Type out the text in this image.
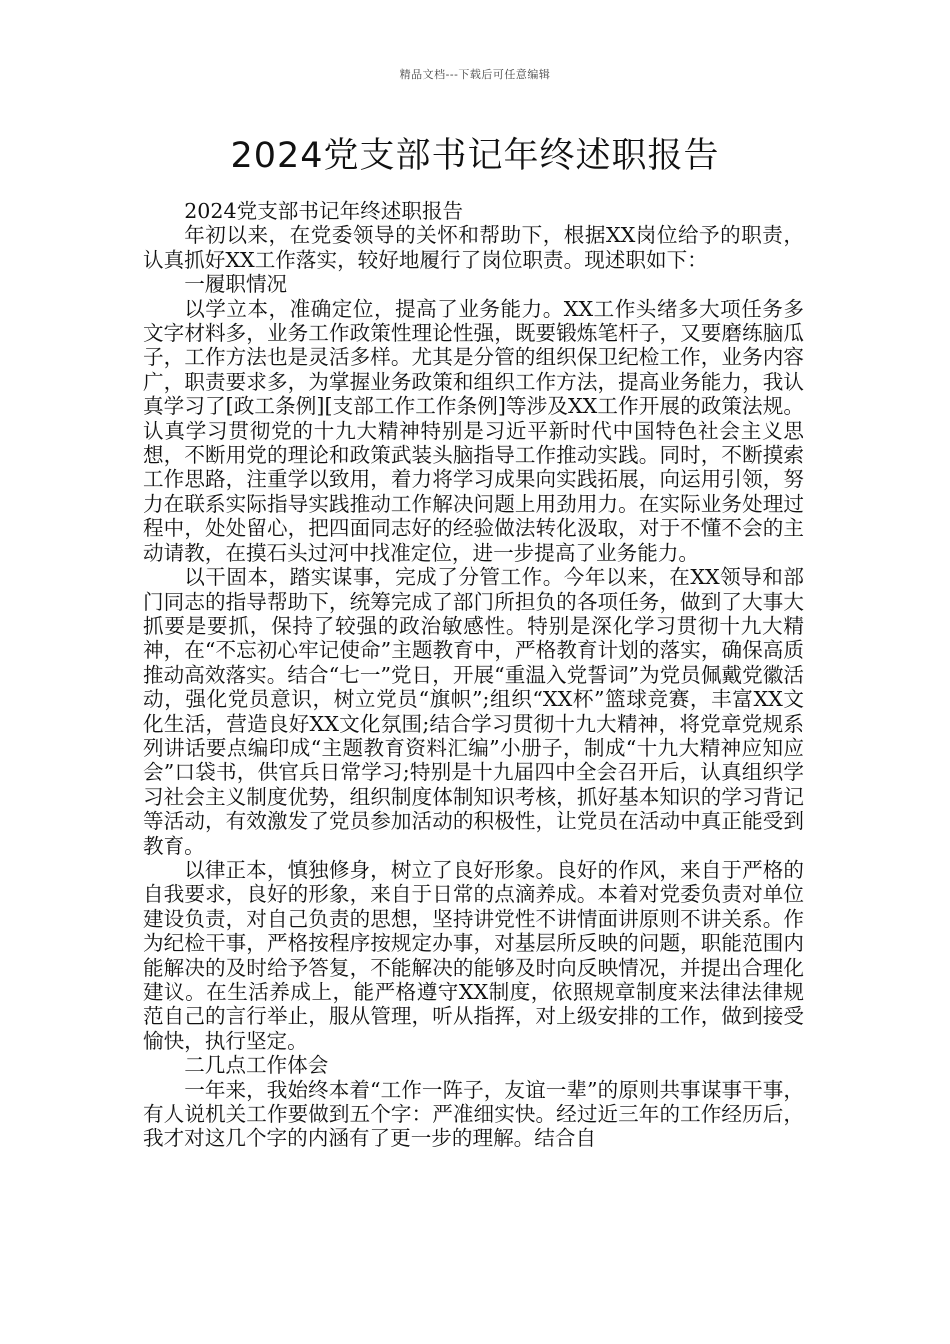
精品文档---下载后可任意编辑
2024党支部书记年终述职报告

2024党支部书记年终述职报告

年初以来，在党委领导的关怀和帮助下，根据XX岗位给予的职责，认真抓好XX工作落实，较好地履行了岗位职责。现述职如下：

一履职情况

以学立本，准确定位，提高了业务能力。XX工作头绪多大项任务多文字材料多，业务工作政策性理论性强，既要锻炼笔杆子，又要磨练脑瓜子，工作方法也是灵活多样。尤其是分管的组织保卫纪检工作，业务内容广，职责要求多，为掌握业务政策和组织工作方法，提高业务能力，我认真学习了[政工条例][支部工作工作条例]等涉及XX工作开展的政策法规。认真学习贯彻党的十九大精神特别是习近平新时代中国特色社会主义思想，不断用党的理论和政策武装头脑指导工作推动实践。同时，不断摸索工作思路，注重学以致用，着力将学习成果向实践拓展，向运用引领，努力在联系实际指导实践推动工作解决问题上用劲用力。在实际业务处理过程中，处处留心，把四面同志好的经验做法转化汲取，对于不懂不会的主动请教，在摸石头过河中找准定位，进一步提高了业务能力。

以干固本，踏实谋事，完成了分管工作。今年以来，在XX领导和部门同志的指导帮助下，统筹完成了部门所担负的各项任务，做到了大事大抓要是要抓，保持了较强的政治敏感性。特别是深化学习贯彻十九大精神，在“不忘初心牢记使命”主题教育中，严格教育计划的落实，确保高质推动高效落实。结合“七一”党日，开展“重温入党誓词”为党员佩戴党徽活动，强化党员意识，树立党员“旗帜”;组织“XX杯”篮球竞赛，丰富XX文化生活，营造良好XX文化氛围;结合学习贯彻十九大精神，将党章党规系列讲话要点编印成“主题教育资料汇编”小册子，制成“十九大精神应知应会”口袋书，供官兵日常学习;特别是十九届四中全会召开后，认真组织学习社会主义制度优势，组织制度体制知识考核，抓好基本知识的学习背记等活动，有效激发了党员参加活动的积极性，让党员在活动中真正能受到教育。

以律正本，慎独修身，树立了良好形象。良好的作风，来自于严格的自我要求，良好的形象，来自于日常的点滴养成。本着对党委负责对单位建设负责，对自己负责的思想，坚持讲党性不讲情面讲原则不讲关系。作为纪检干事，严格按程序按规定办事，对基层所反映的问题，职能范围内能解决的及时给予答复，不能解决的能够及时向反映情况，并提出合理化建议。在生活养成上，能严格遵守XX制度，依照规章制度来法律法律规范自己的言行举止，服从管理，听从指挥，对上级安排的工作，做到接受愉快，执行坚定。

二几点工作体会

一年来，我始终本着“工作一阵子，友谊一辈”的原则共事谋事干事，有人说机关工作要做到五个字：严准细实快。经过近三年的工作经历后，我才对这几个字的内涵有了更一步的理解。结合自
